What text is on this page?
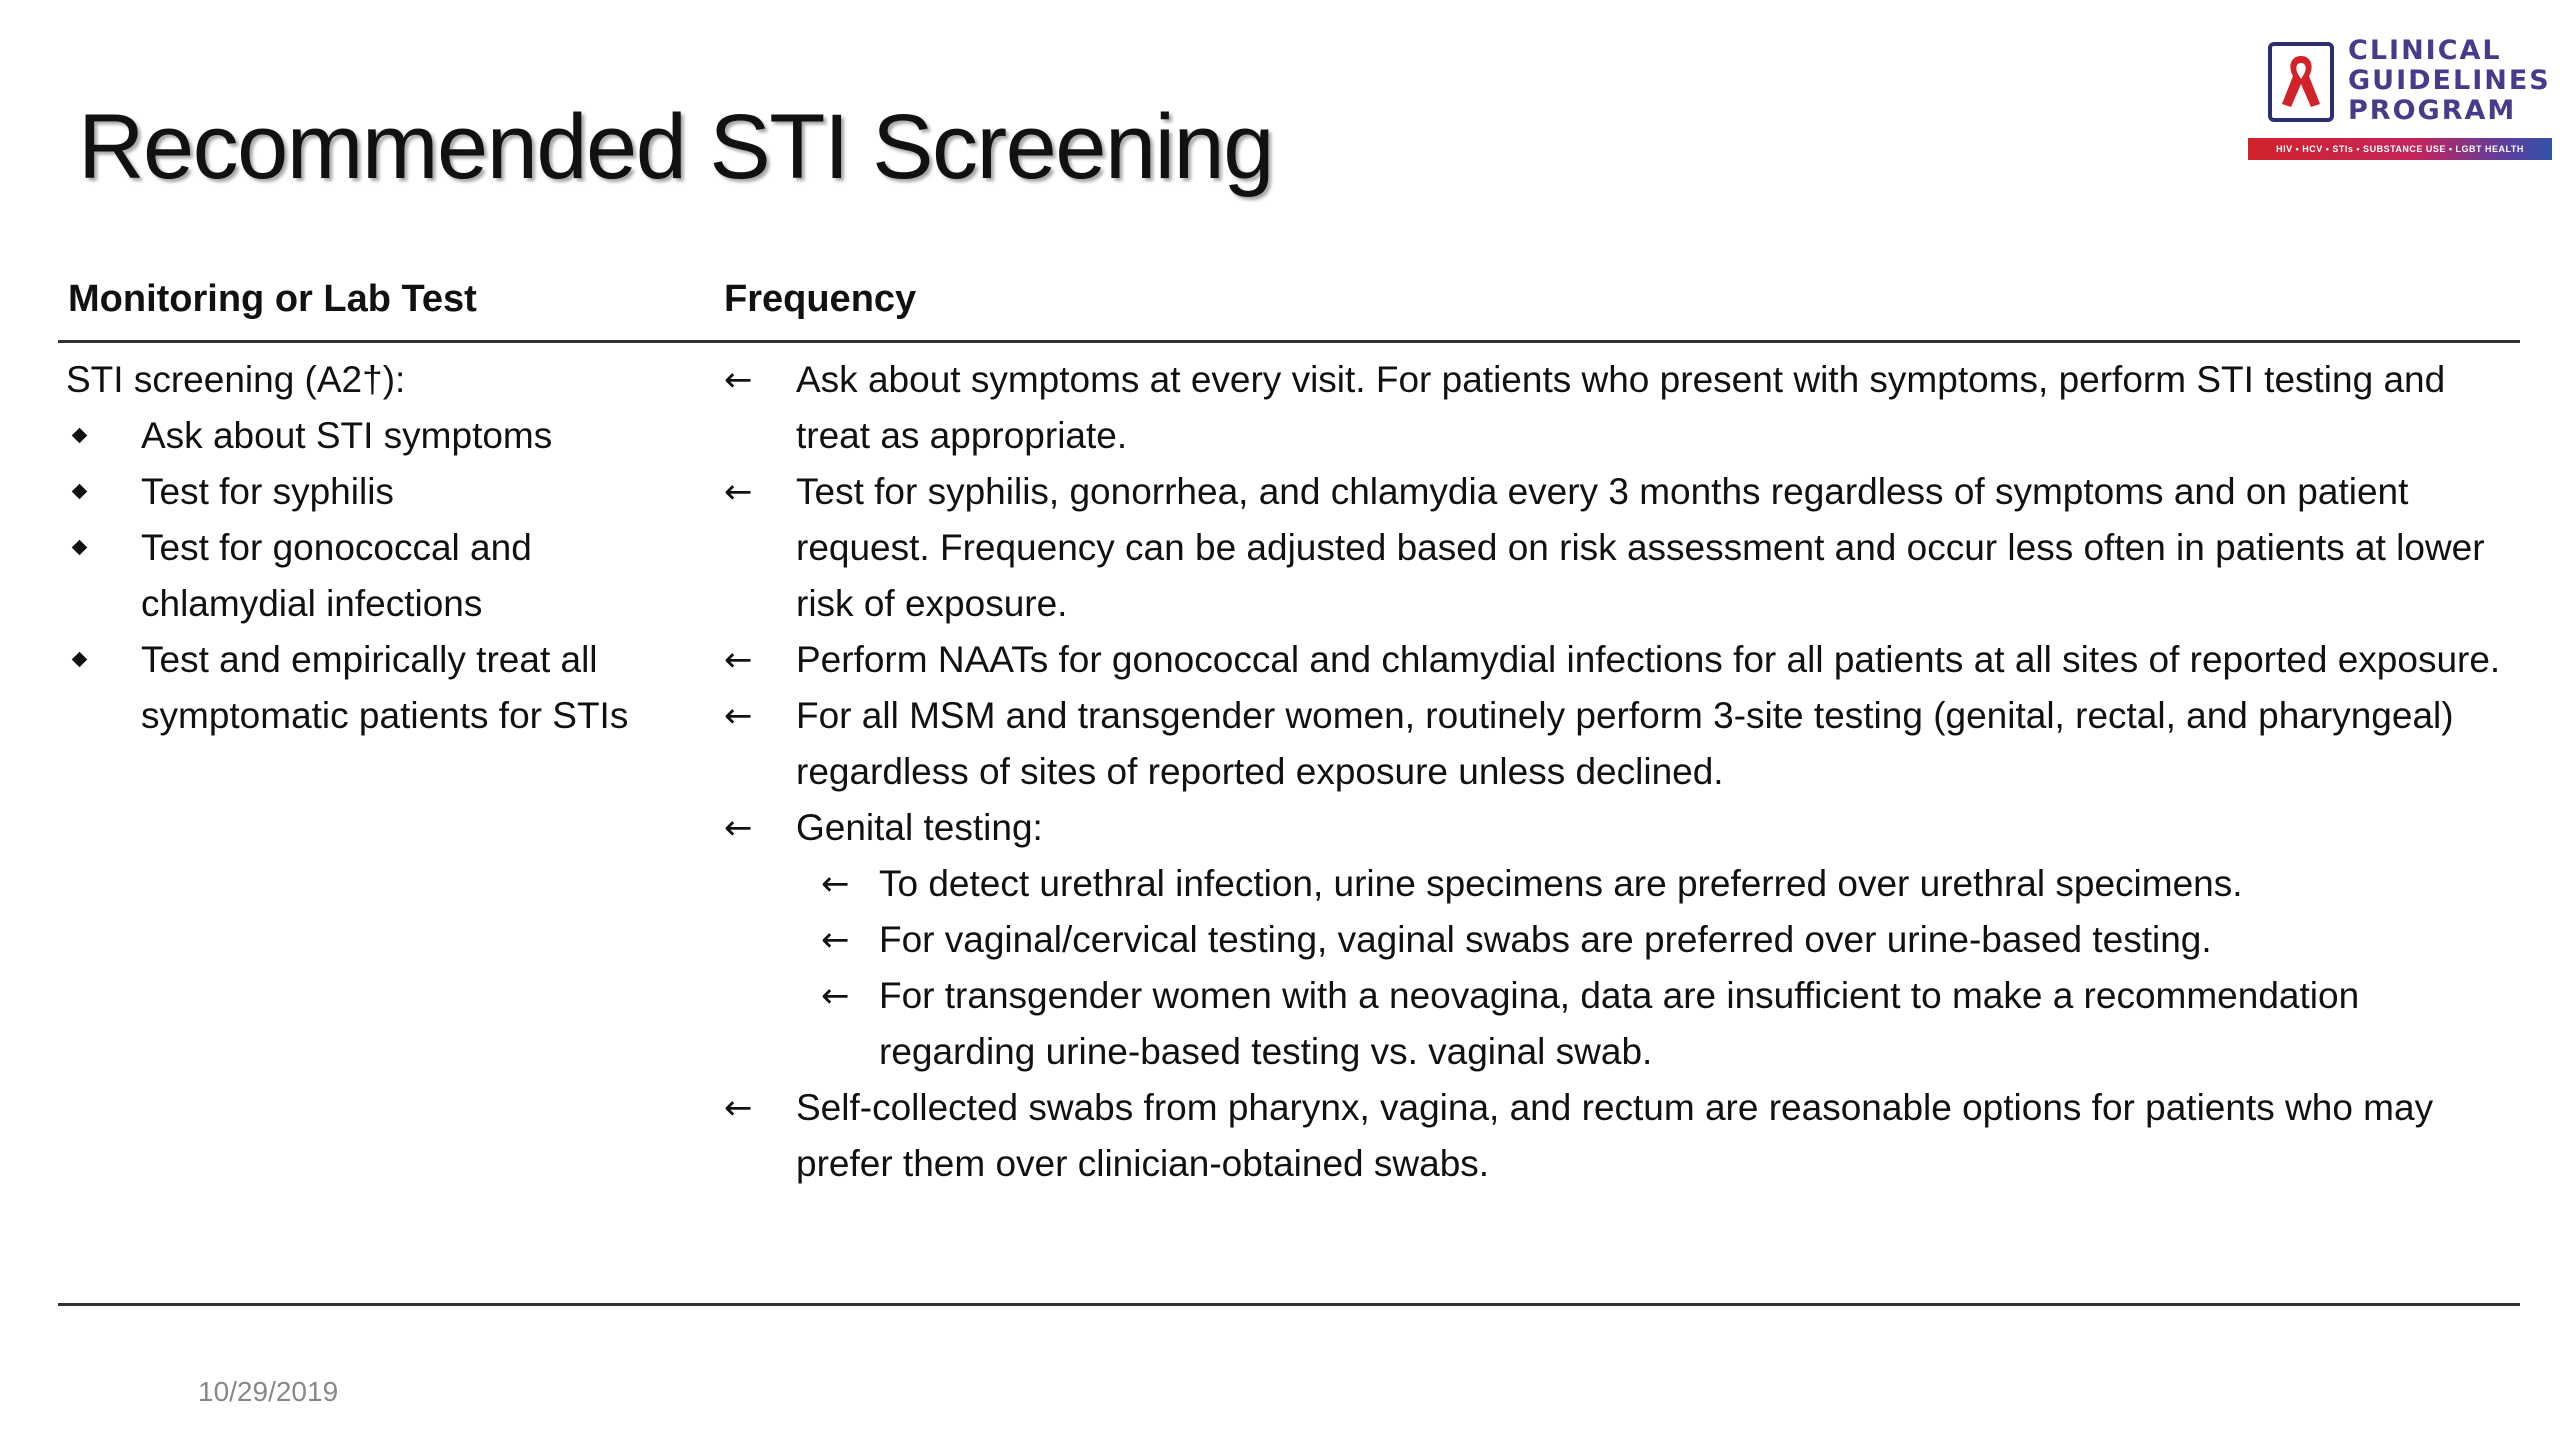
Recommended STI Screening
CLINICAL
GUIDELINES
PROGRAM
HIV • HCV • STIs • SUBSTANCE USE • LGBT HEALTH
Monitoring or Lab Test	Frequency
STI screening (A2†):
Ask about STI symptoms
Test for syphilis
Test for gonococcal and chlamydial infections
Test and empirically treat all symptomatic patients for STIs
← Ask about symptoms at every visit. For patients who present with symptoms, perform STI testing and treat as appropriate.
← Test for syphilis, gonorrhea, and chlamydia every 3 months regardless of symptoms and on patient request. Frequency can be adjusted based on risk assessment and occur less often in patients at lower risk of exposure.
← Perform NAATs for gonococcal and chlamydial infections for all patients at all sites of reported exposure.
← For all MSM and transgender women, routinely perform 3-site testing (genital, rectal, and pharyngeal) regardless of sites of reported exposure unless declined.
← Genital testing:
← To detect urethral infection, urine specimens are preferred over urethral specimens.
← For vaginal/cervical testing, vaginal swabs are preferred over urine-based testing.
← For transgender women with a neovagina, data are insufficient to make a recommendation regarding urine-based testing vs. vaginal swab.
← Self-collected swabs from pharynx, vagina, and rectum are reasonable options for patients who may prefer them over clinician-obtained swabs.
10/29/2019
